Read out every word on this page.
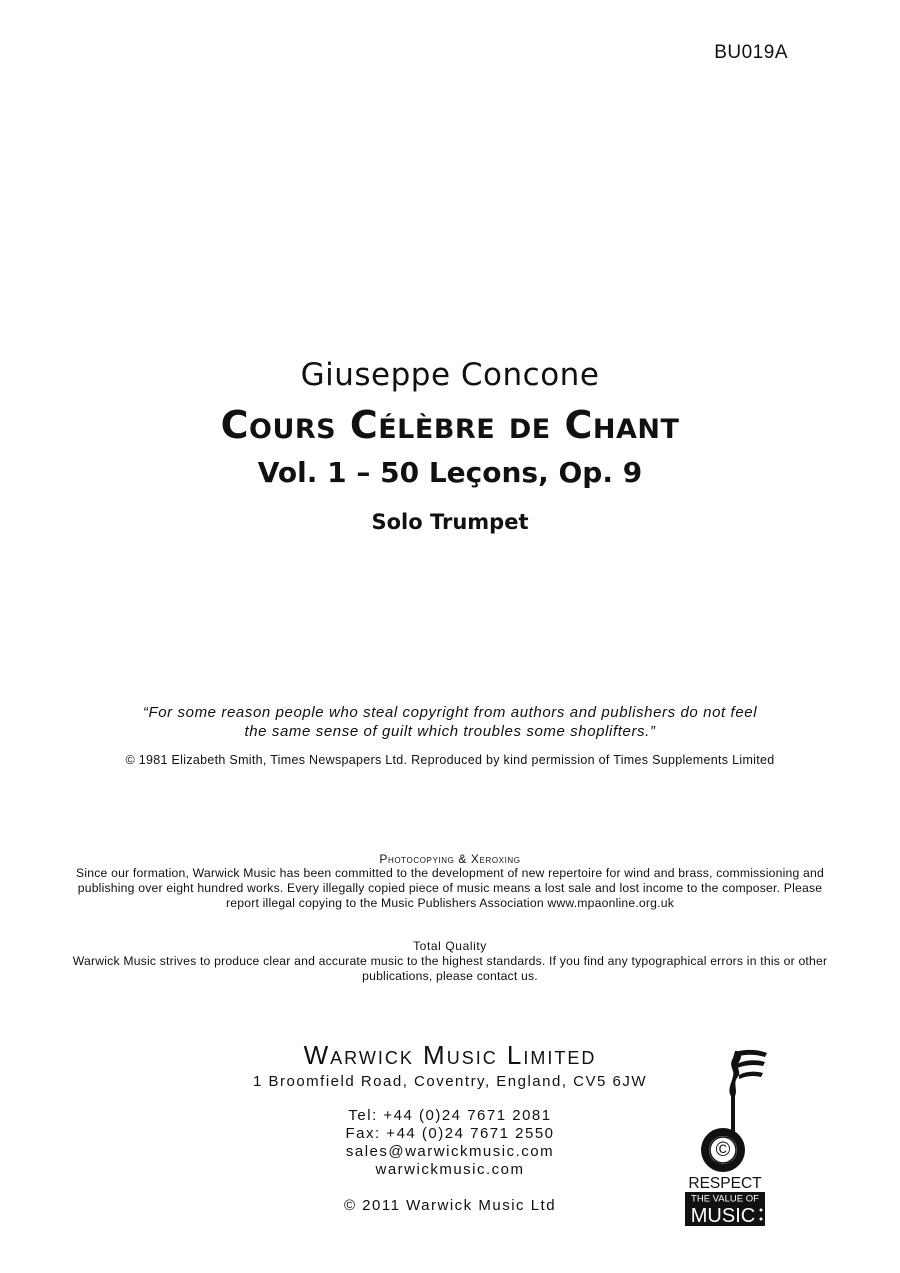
BU019A
Giuseppe Concone
Cours Célèbre de Chant
Vol. 1 – 50 Leçons, Op. 9
Solo Trumpet
“For some reason people who steal copyright from authors and publishers do not feel
the same sense of guilt which troubles some shoplifters.”
© 1981 Elizabeth Smith, Times Newspapers Ltd. Reproduced by kind permission of Times Supplements Limited
Photocopying & Xeroxing
Since our formation, Warwick Music has been committed to the development of new repertoire for wind and brass, commissioning and
publishing over eight hundred works. Every illegally copied piece of music means a lost sale and lost income to the composer. Please
report illegal copying to the Music Publishers Association www.mpaonline.org.uk
Total Quality
Warwick Music strives to produce clear and accurate music to the highest standards. If you find any typographical errors in this or other
publications, please contact us.
Warwick Music Limited
1 Broomfield Road, Coventry, England, CV5 6JW
Tel: +44 (0)24 7671 2081
Fax: +44 (0)24 7671 2550
sales@warwickmusic.com
warwickmusic.com
© 2011 Warwick Music Ltd
©
RESPECT
THE VALUE OF
MUSIC
